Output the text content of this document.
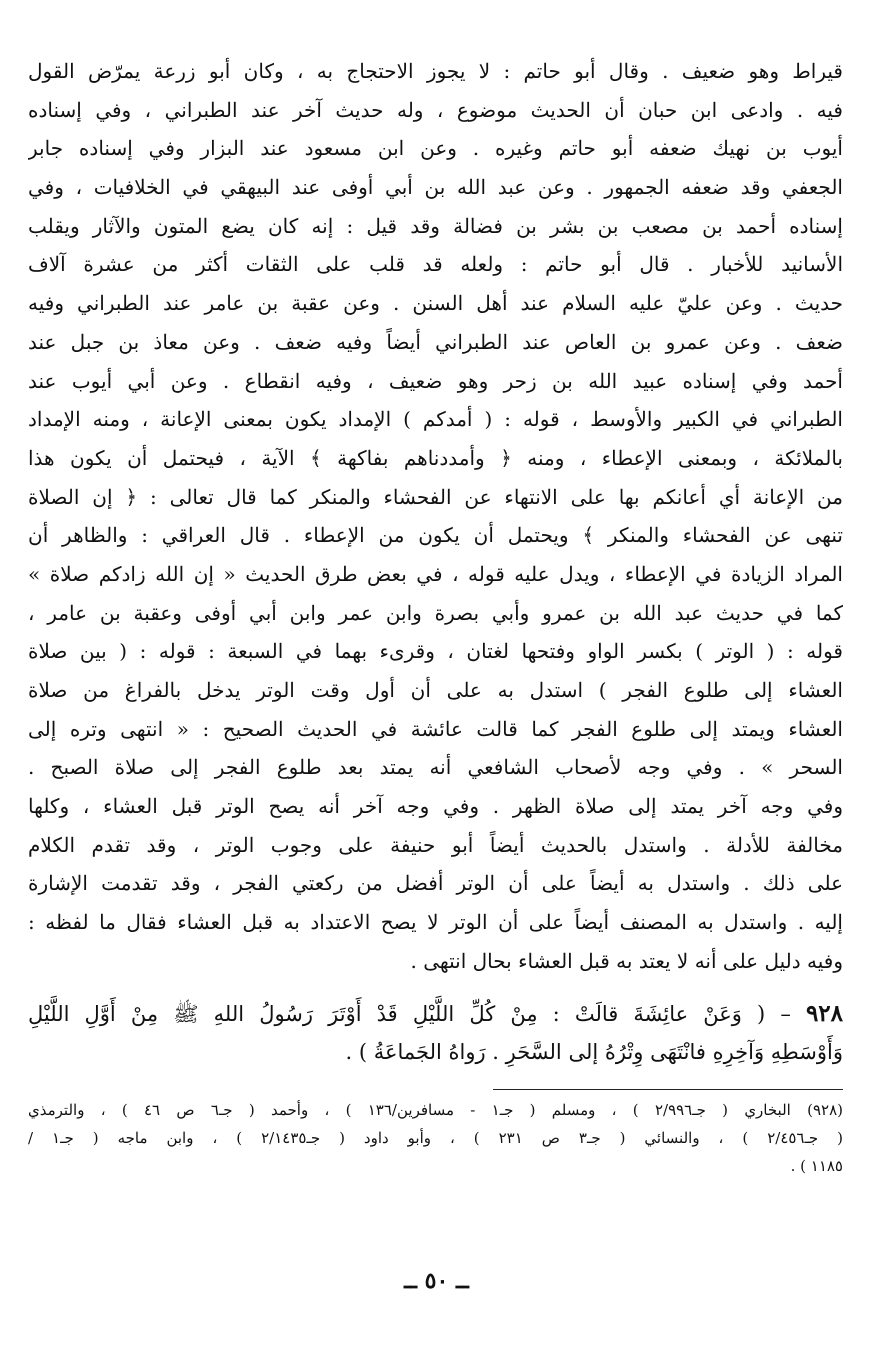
قيراط وهو ضعيف . وقال أبو حاتم : لا يجوز الاحتجاج به ، وكان أبو زرعة يمرّض القول
فيه . وادعى ابن حبان أن الحديث موضوع ، وله حديث آخر عند الطبراني ، وفي إسناده
أيوب بن نهيك ضعفه أبو حاتم وغيره . وعن ابن مسعود عند البزار وفي إسناده جابر
الجعفي وقد ضعفه الجمهور . وعن عبد الله بن أبي أوفى عند البيهقي في الخلافيات ، وفي
إسناده أحمد بن مصعب بن بشر بن فضالة وقد قيل : إنه كان يضع المتون والآثار ويقلب
الأسانيد للأخبار . قال أبو حاتم : ولعله قد قلب على الثقات أكثر من عشرة آلاف
حديث . وعن عليّ عليه السلام عند أهل السنن . وعن عقبة بن عامر عند الطبراني وفيه
ضعف . وعن عمرو بن العاص عند الطبراني أيضاً وفيه ضعف . وعن معاذ بن جبل عند
أحمد وفي إسناده عبيد الله بن زحر وهو ضعيف ، وفيه انقطاع . وعن أبي أيوب عند
الطبراني في الكبير والأوسط ، قوله : ( أمدكم ) الإمداد يكون بمعنى الإعانة ، ومنه الإمداد
بالملائكة ، وبمعنى الإعطاء ، ومنه ﴿ وأمددناهم بفاكهة ﴾ الآية ، فيحتمل أن يكون هذا
من الإعانة أي أعانكم بها على الانتهاء عن الفحشاء والمنكر كما قال تعالى : ﴿ إن الصلاة
تنهى عن الفحشاء والمنكر ﴾ ويحتمل أن يكون من الإعطاء . قال العراقي : والظاهر أن
المراد الزيادة في الإعطاء ، ويدل عليه قوله ، في بعض طرق الحديث « إن الله زادكم صلاة »
كما في حديث عبد الله بن عمرو وأبي بصرة وابن عمر وابن أبي أوفى وعقبة بن عامر ،
قوله : ( الوتر ) بكسر الواو وفتحها لغتان ، وقرىء بهما في السبعة : قوله : ( بين صلاة
العشاء إلى طلوع الفجر ) استدل به على أن أول وقت الوتر يدخل بالفراغ من صلاة
العشاء ويمتد إلى طلوع الفجر كما قالت عائشة في الحديث الصحيح : « انتهى وتره إلى
السحر » . وفي وجه لأصحاب الشافعي أنه يمتد بعد طلوع الفجر إلى صلاة الصبح .
وفي وجه آخر يمتد إلى صلاة الظهر . وفي وجه آخر أنه يصح الوتر قبل العشاء ، وكلها
مخالفة للأدلة . واستدل بالحديث أيضاً أبو حنيفة على وجوب الوتر ، وقد تقدم الكلام
على ذلك . واستدل به أيضاً على أن الوتر أفضل من ركعتي الفجر ، وقد تقدمت الإشارة
إليه . واستدل به المصنف أيضاً على أن الوتر لا يصح الاعتداد به قبل العشاء فقال ما لفظه :
وفيه دليل على أنه لا يعتد به قبل العشاء بحال انتهى .
٩٢٨ – ( وَعَنْ عائِشَةَ قالَتْ : مِنْ كُلِّ اللَّيْلِ قَدْ أَوْتَرَ رَسُولُ اللهِ ﷺ مِنْ أَوَّلِ اللَّيْلِ
وَأَوْسَطِهِ وَآخِرِهِ فانْتَهَى وِتْرُهُ إلى السَّحَرِ . رَواهُ الجَماعَةُ ) .
(٩٢٨) البخاري ( جـ٢/٩٩٦ ) ، ومسلم ( جـ١ - مسافرين/١٣٦ ) ، وأحمد ( جـ٦ ص ٤٦ ) ، والترمذي
( جـ٢/٤٥٦ ) ، والنسائي ( جـ٣ ص ٢٣١ ) ، وأبو داود ( جـ٢/١٤٣٥ ) ، وابن ماجه ( جـ١ /
١١٨٥ ) .
ــ ٥٠ ــ
